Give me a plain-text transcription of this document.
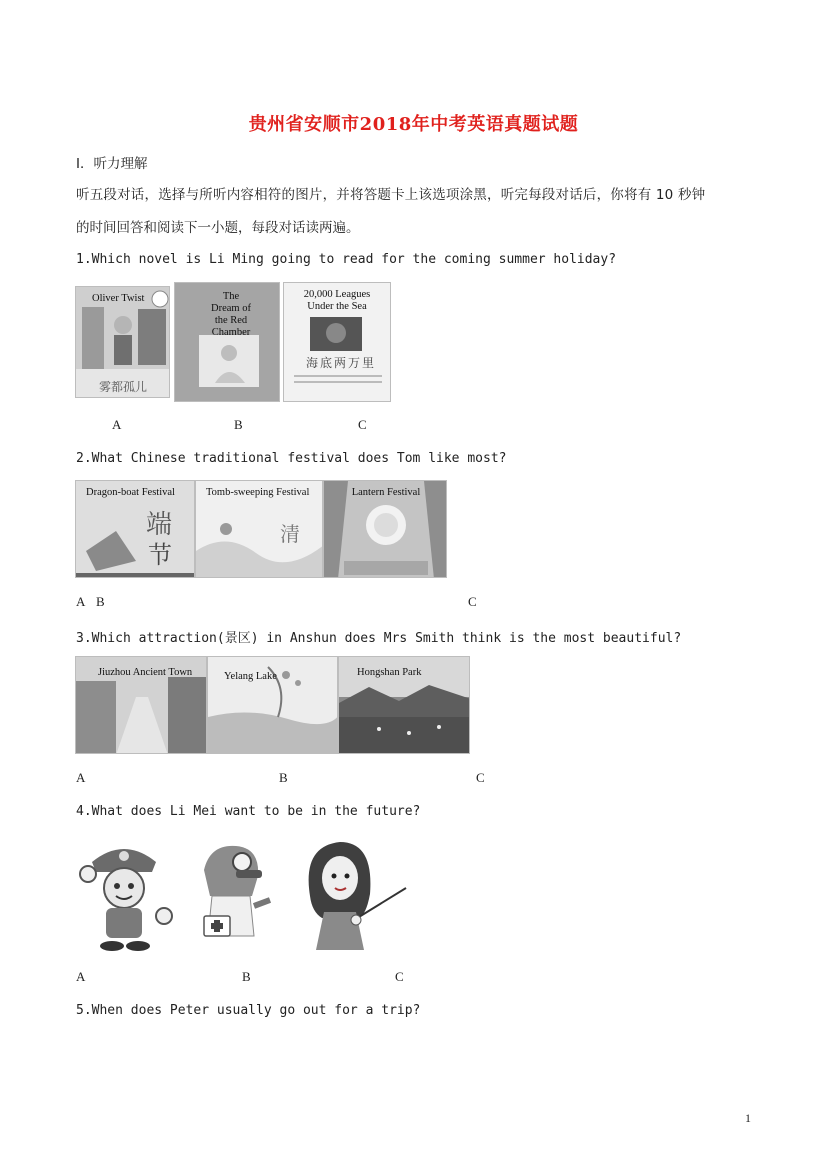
贵州省安顺市2018年中考英语真题试题
Ⅰ．听力理解
听五段对话，选择与所听内容相符的图片，并将答题卡上该选项涂黑，听完每段对话后，你将有 10 秒钟
的时间回答和阅读下一小题，每段对话读两遍。
1.Which novel is Li Ming going to read for the coming summer holiday?
雾都孤儿
Oliver Twist	The Dream of the Red Chamber
20,000 Leagues Under the Sea
海底两万里
A	B	C
2.What Chinese traditional festival does Tom like most?
端
节
Dragon-boat Festival
清
Tomb-sweeping Festival	Lantern Festival
A B	C
3.Which attraction(景区) in Anshun does Mrs Smith think is the most beautiful?
Jiuzhou Ancient Town	Yelang Lake	Hongshan Park
A	B	C
4.What does Li Mei want to be in the future?
A	B	C
5.When does Peter usually go out for a trip?
1
